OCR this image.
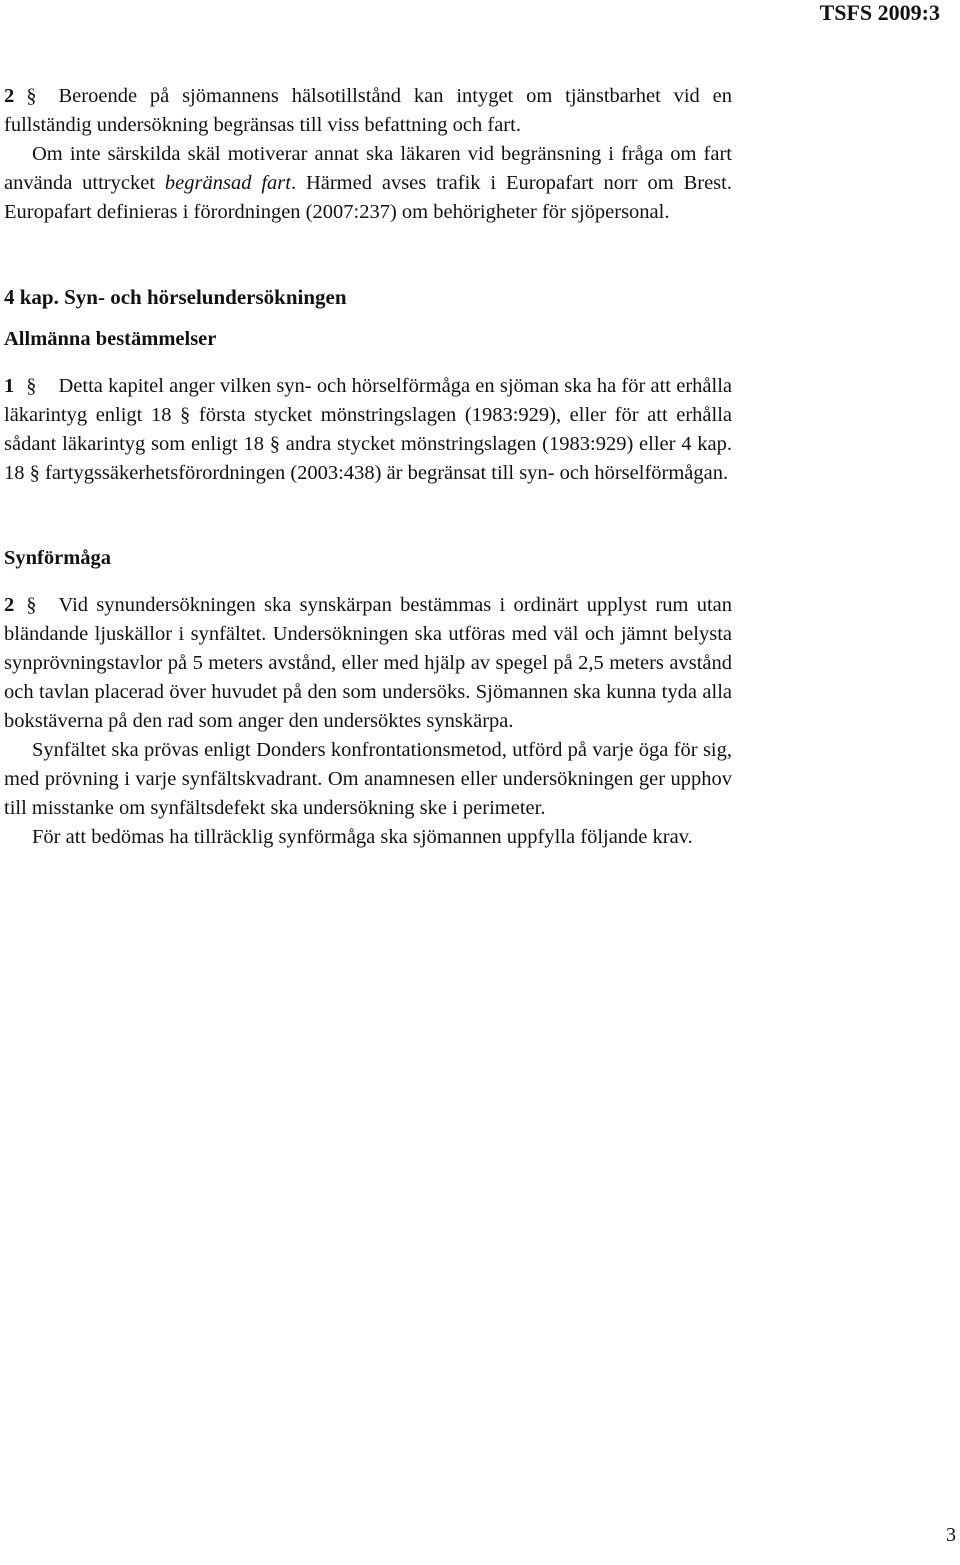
TSFS 2009:3

2 § Beroende på sjömannens hälsotillstånd kan intyget om tjänstbarhet vid en fullständig undersökning begränsas till viss befattning och fart.

Om inte särskilda skäl motiverar annat ska läkaren vid begränsning i fråga om fart använda uttrycket begränsad fart. Härmed avses trafik i Europafart norr om Brest. Europafart definieras i förordningen (2007:237) om behörigheter för sjöpersonal.

4 kap. Syn- och hörselundersökningen
Allmänna bestämmelser

1 § Detta kapitel anger vilken syn- och hörselförmåga en sjöman ska ha för att erhålla läkarintyg enligt 18 § första stycket mönstringslagen (1983:929), eller för att erhålla sådant läkarintyg som enligt 18 § andra stycket mönstringslagen (1983:929) eller 4 kap. 18 § fartygssäkerhetsförordningen (2003:438) är begränsat till syn- och hörselförmågan.

Synförmåga

2 § Vid synundersökningen ska synskärpan bestämmas i ordinärt upplyst rum utan bländande ljuskällor i synfältet. Undersökningen ska utföras med väl och jämnt belysta synprövningstavlor på 5 meters avstånd, eller med hjälp av spegel på 2,5 meters avstånd och tavlan placerad över huvudet på den som undersöks. Sjömannen ska kunna tyda alla bokstäverna på den rad som anger den undersöktes synskärpa.

Synfältet ska prövas enligt Donders konfrontationsmetod, utförd på varje öga för sig, med prövning i varje synfältskvadrant. Om anamnesen eller undersökningen ger upphov till misstanke om synfältsdefekt ska undersökning ske i perimeter.

För att bedömas ha tillräcklig synförmåga ska sjömannen uppfylla följande krav.

3
